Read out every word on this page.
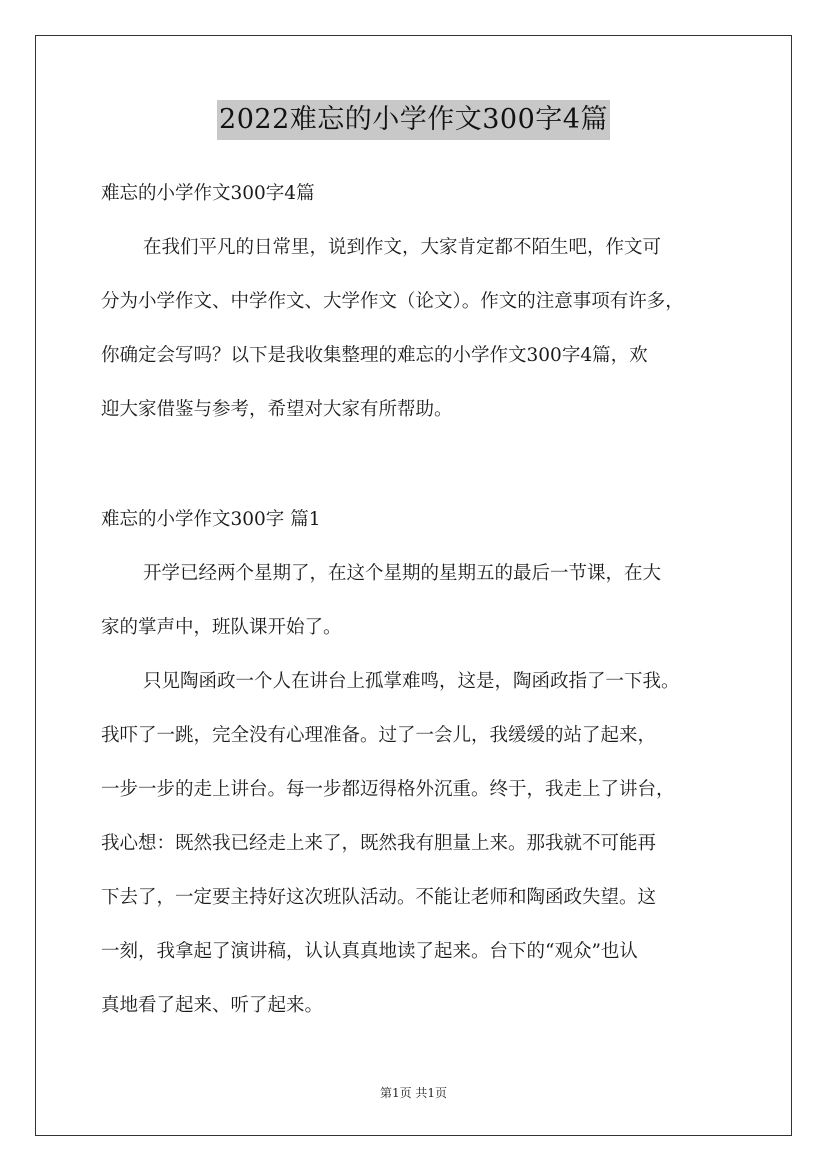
2022难忘的小学作文300字4篇
难忘的小学作文300字4篇
在我们平凡的日常里，说到作文，大家肯定都不陌生吧，作文可
分为小学作文、中学作文、大学作文（论文）。作文的注意事项有许多，
你确定会写吗？以下是我收集整理的难忘的小学作文300字4篇，欢
迎大家借鉴与参考，希望对大家有所帮助。
难忘的小学作文300字 篇1
开学已经两个星期了，在这个星期的星期五的最后一节课，在大
家的掌声中，班队课开始了。
只见陶函政一个人在讲台上孤掌难鸣，这是，陶函政指了一下我。
我吓了一跳，完全没有心理准备。过了一会儿，我缓缓的站了起来，
一步一步的走上讲台。每一步都迈得格外沉重。终于，我走上了讲台，
我心想：既然我已经走上来了，既然我有胆量上来。那我就不可能再
下去了，一定要主持好这次班队活动。不能让老师和陶函政失望。这
一刻，我拿起了演讲稿，认认真真地读了起来。台下的“观众”也认
真地看了起来、听了起来。
第1页 共1页
